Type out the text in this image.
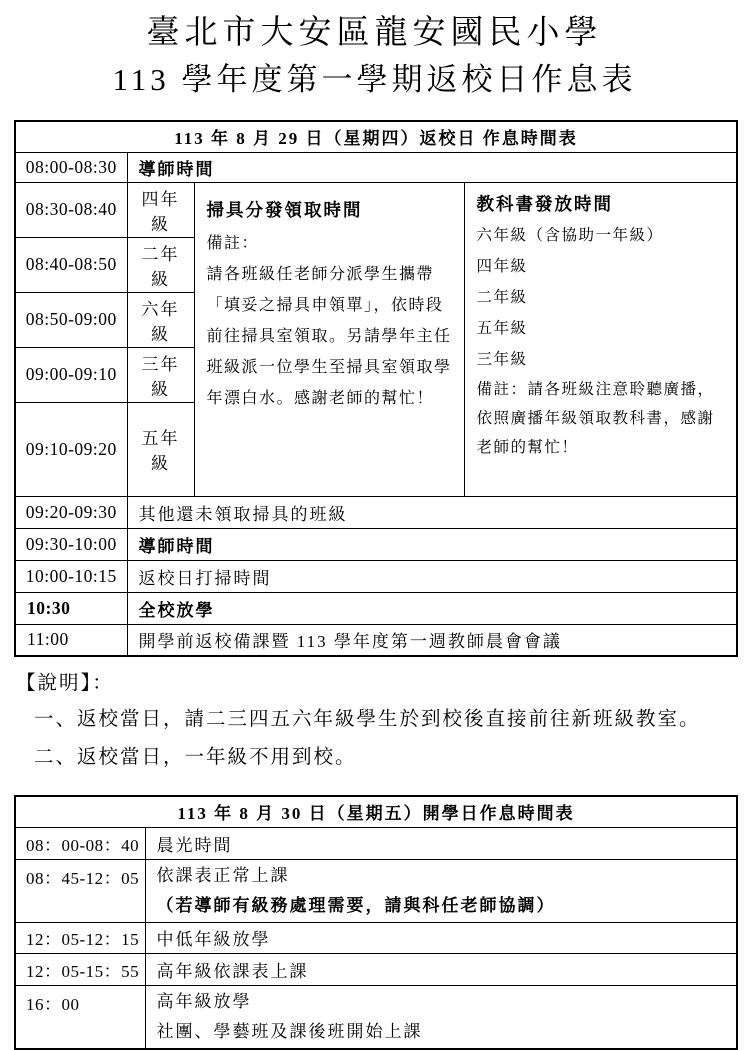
臺北市大安區龍安國民小學
113 學年度第一學期返校日作息表
113 年 8 月 29 日（星期四）返校日 作息時間表			
08:00-08:30	導師時間		
08:30-08:40	四年級	
掃具分發領取時間
備註：
請各班級任老師分派學生攜帶「填妥之掃具申領單」，依時段前往掃具室領取。另請學年主任班級派一位學生至掃具室領取學年漂白水。感謝老師的幫忙！

教科書發放時間
六年級（含協助一年級）
四年級
二年級
五年級
三年級
備註：請各班級注意聆聽廣播，依照廣播年級領取教科書，感謝老師的幫忙！

08:40-08:50	二年級		
08:50-09:00	六年級		
09:00-09:10	三年級		
09:10-09:20	五年級		
09:20-09:30	其他還未領取掃具的班級		
09:30-10:00	導師時間		
10:00-10:15	返校日打掃時間		
10:30	全校放學		
11:00	開學前返校備課暨 113 學年度第一週教師晨會會議		
【說明】：
一、返校當日，請二三四五六年級學生於到校後直接前往新班級教室。
二、返校當日，一年級不用到校。
113 年 8 月 30 日（星期五）開學日作息時間表	
08：00-08：40	晨光時間
08：45-12：05	依課表正常上課
（若導師有級務處理需要，請與科任老師協調）

12：05-12：15	中低年級放學
12：05-15：55	高年級依課表上課
16：00	高年級放學
社團、學藝班及課後班開始上課
